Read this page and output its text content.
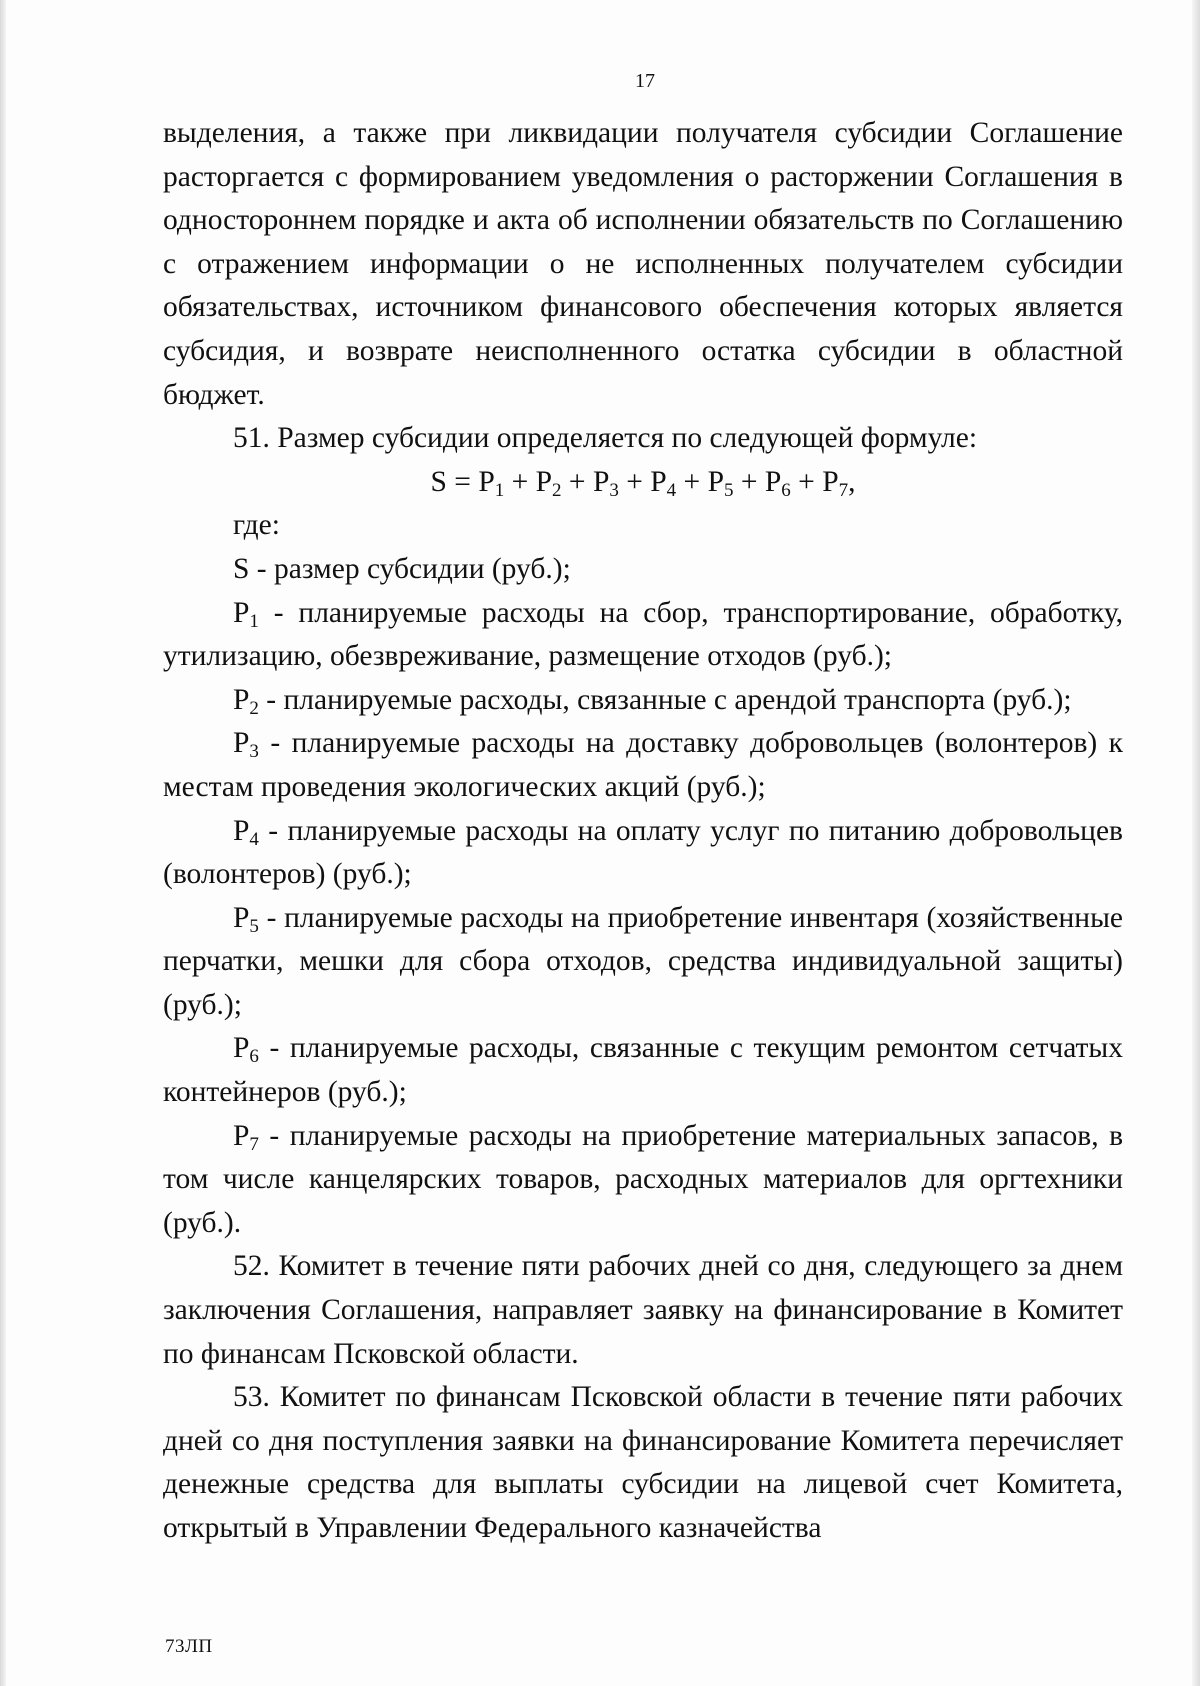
17

выделения, а также при ликвидации получателя субсидии Соглашение расторгается с формированием уведомления о расторжении Соглашения в одностороннем порядке и акта об исполнении обязательств по Соглашению с отражением информации о не исполненных получателем субсидии обязательствах, источником финансового обеспечения которых является субсидия, и возврате неисполненного остатка субсидии в областной бюджет.

51. Размер субсидии определяется по следующей формуле:

$S = P_1 + P_2 + P_3 + P_4 + P_5 + P_6 + P_7$,

где:

S - размер субсидии (руб.);

$P_1$ - планируемые расходы на сбор, транспортирование, обработку, утилизацию, обезвреживание, размещение отходов (руб.);

$P_2$ - планируемые расходы, связанные с арендой транспорта (руб.);

$P_3$ - планируемые расходы на доставку добровольцев (волонтеров) к местам проведения экологических акций (руб.);

$P_4$ - планируемые расходы на оплату услуг по питанию добровольцев (волонтеров) (руб.);

$P_5$ - планируемые расходы на приобретение инвентаря (хозяйственные перчатки, мешки для сбора отходов, средства индивидуальной защиты) (руб.);

$P_6$ - планируемые расходы, связанные с текущим ремонтом сетчатых контейнеров (руб.);

$P_7$ - планируемые расходы на приобретение материальных запасов, в том числе канцелярских товаров, расходных материалов для оргтехники (руб.).

52. Комитет в течение пяти рабочих дней со дня, следующего за днем заключения Соглашения, направляет заявку на финансирование в Комитет по финансам Псковской области.

53. Комитет по финансам Псковской области в течение пяти рабочих дней со дня поступления заявки на финансирование Комитета перечисляет денежные средства для выплаты субсидии на лицевой счет Комитета, открытый в Управлении Федерального казначейства

73ЛП
